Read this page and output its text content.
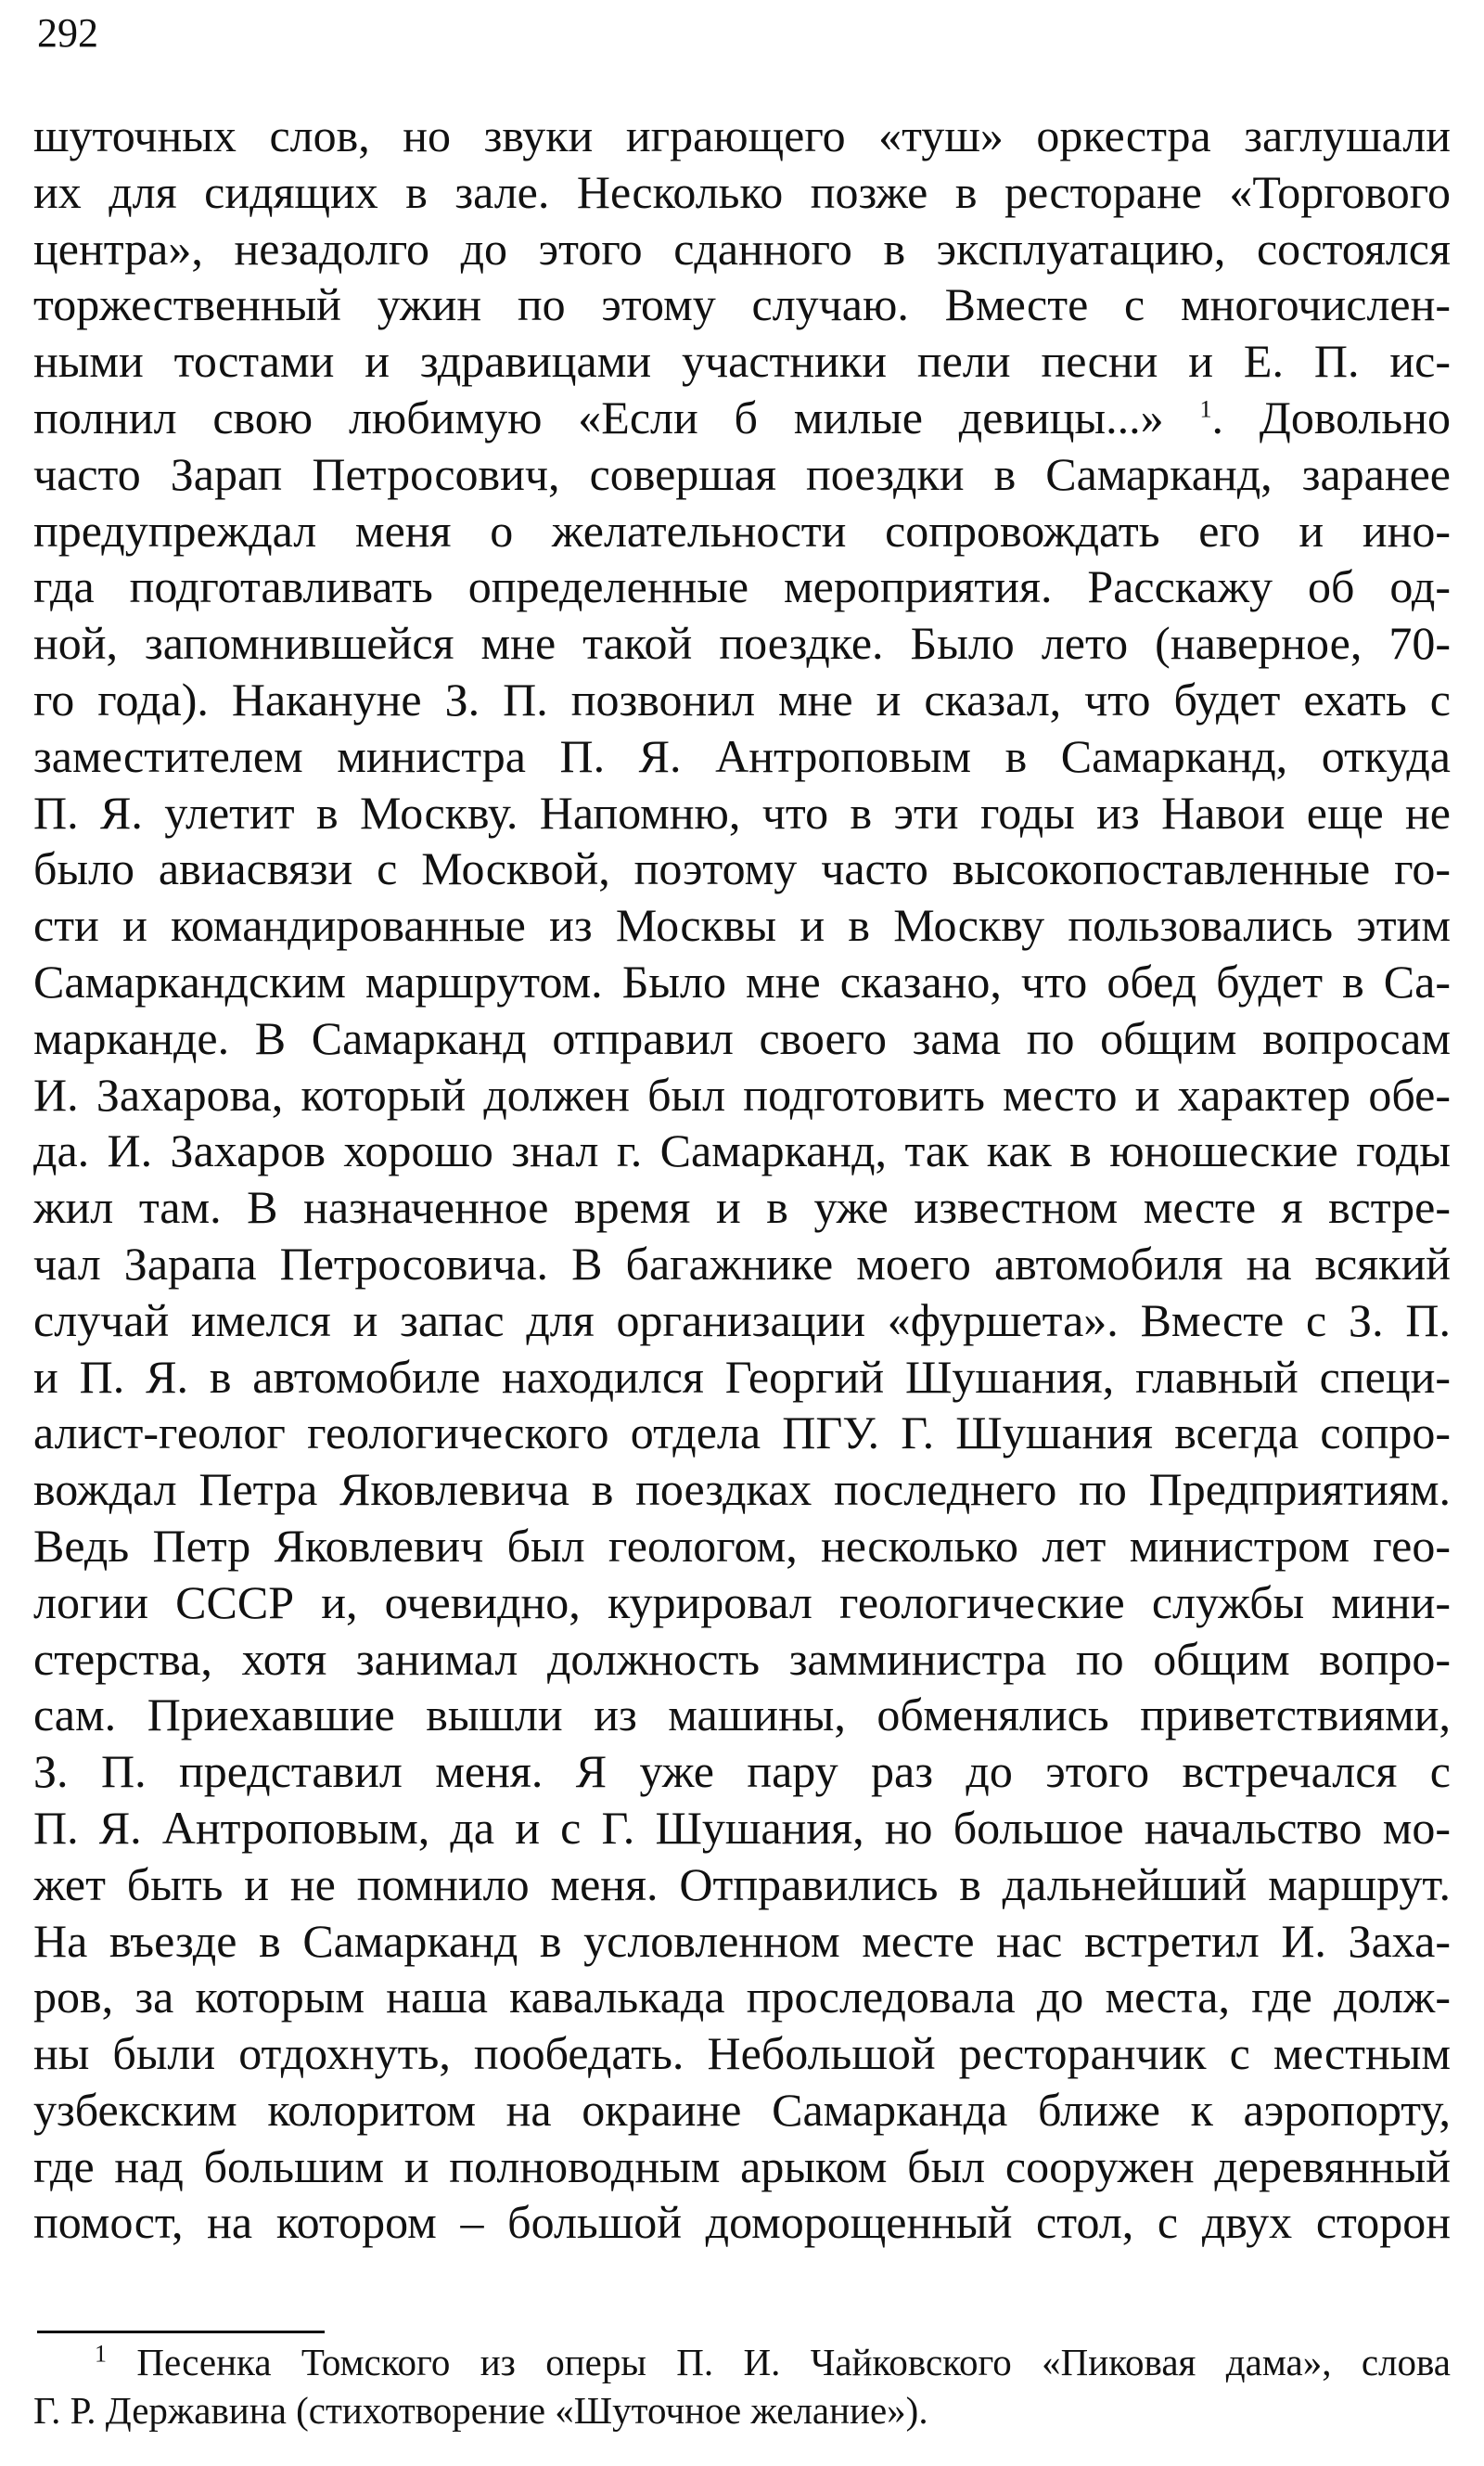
292
шуточных слов, но звуки играющего «туш» оркестра заглушали
их для сидящих в зале. Несколько позже в ресторане «Торгового
центра», незадолго до этого сданного в эксплуатацию, состоялся
торжественный ужин по этому случаю. Вместе с многочислен-
ными тостами и здравицами участники пели песни и Е. П. ис-
полнил свою любимую «Если б милые девицы...» $^1$. Довольно
часто Зарап Петросович, совершая поездки в Самарканд, заранее
предупреждал меня о желательности сопровождать его и ино-
гда подготавливать определенные мероприятия. Расскажу об од-
ной, запомнившейся мне такой поездке. Было лето (наверное, 70-
го года). Накануне З. П. позвонил мне и сказал, что будет ехать с
заместителем министра П. Я. Антроповым в Самарканд, откуда
П. Я. улетит в Москву. Напомню, что в эти годы из Навои еще не
было авиасвязи с Москвой, поэтому часто высокопоставленные го-
сти и командированные из Москвы и в Москву пользовались этим
Самаркандским маршрутом. Было мне сказано, что обед будет в Са-
марканде. В Самарканд отправил своего зама по общим вопросам
И. Захарова, который должен был подготовить место и характер обе-
да. И. Захаров хорошо знал г. Самарканд, так как в юношеские годы
жил там. В назначенное время и в уже известном месте я встре-
чал Зарапа Петросовича. В багажнике моего автомобиля на всякий
случай имелся и запас для организации «фуршета». Вместе с З. П.
и П. Я. в автомобиле находился Георгий Шушания, главный специ-
алист-геолог геологического отдела ПГУ. Г. Шушания всегда сопро-
вождал Петра Яковлевича в поездках последнего по Предприятиям.
Ведь Петр Яковлевич был геологом, несколько лет министром гео-
логии СССР и, очевидно, курировал геологические службы мини-
стерства, хотя занимал должность замминистра по общим вопро-
сам. Приехавшие вышли из машины, обменялись приветствиями,
З. П. представил меня. Я уже пару раз до этого встречался с
П. Я. Антроповым, да и с Г. Шушания, но большое начальство мо-
жет быть и не помнило меня. Отправились в дальнейший маршрут.
На въезде в Самарканд в условленном месте нас встретил И. Заха-
ров, за которым наша кавалькада проследовала до места, где долж-
ны были отдохнуть, пообедать. Небольшой ресторанчик с местным
узбекским колоритом на окраине Самарканда ближе к аэропорту,
где над большим и полноводным арыком был сооружен деревянный
помост, на котором – большой доморощенный стол, с двух сторон
$^1$ Песенка Томского из оперы П. И. Чайковского «Пиковая дама», слова
Г. Р. Державина (стихотворение «Шуточное желание»).
